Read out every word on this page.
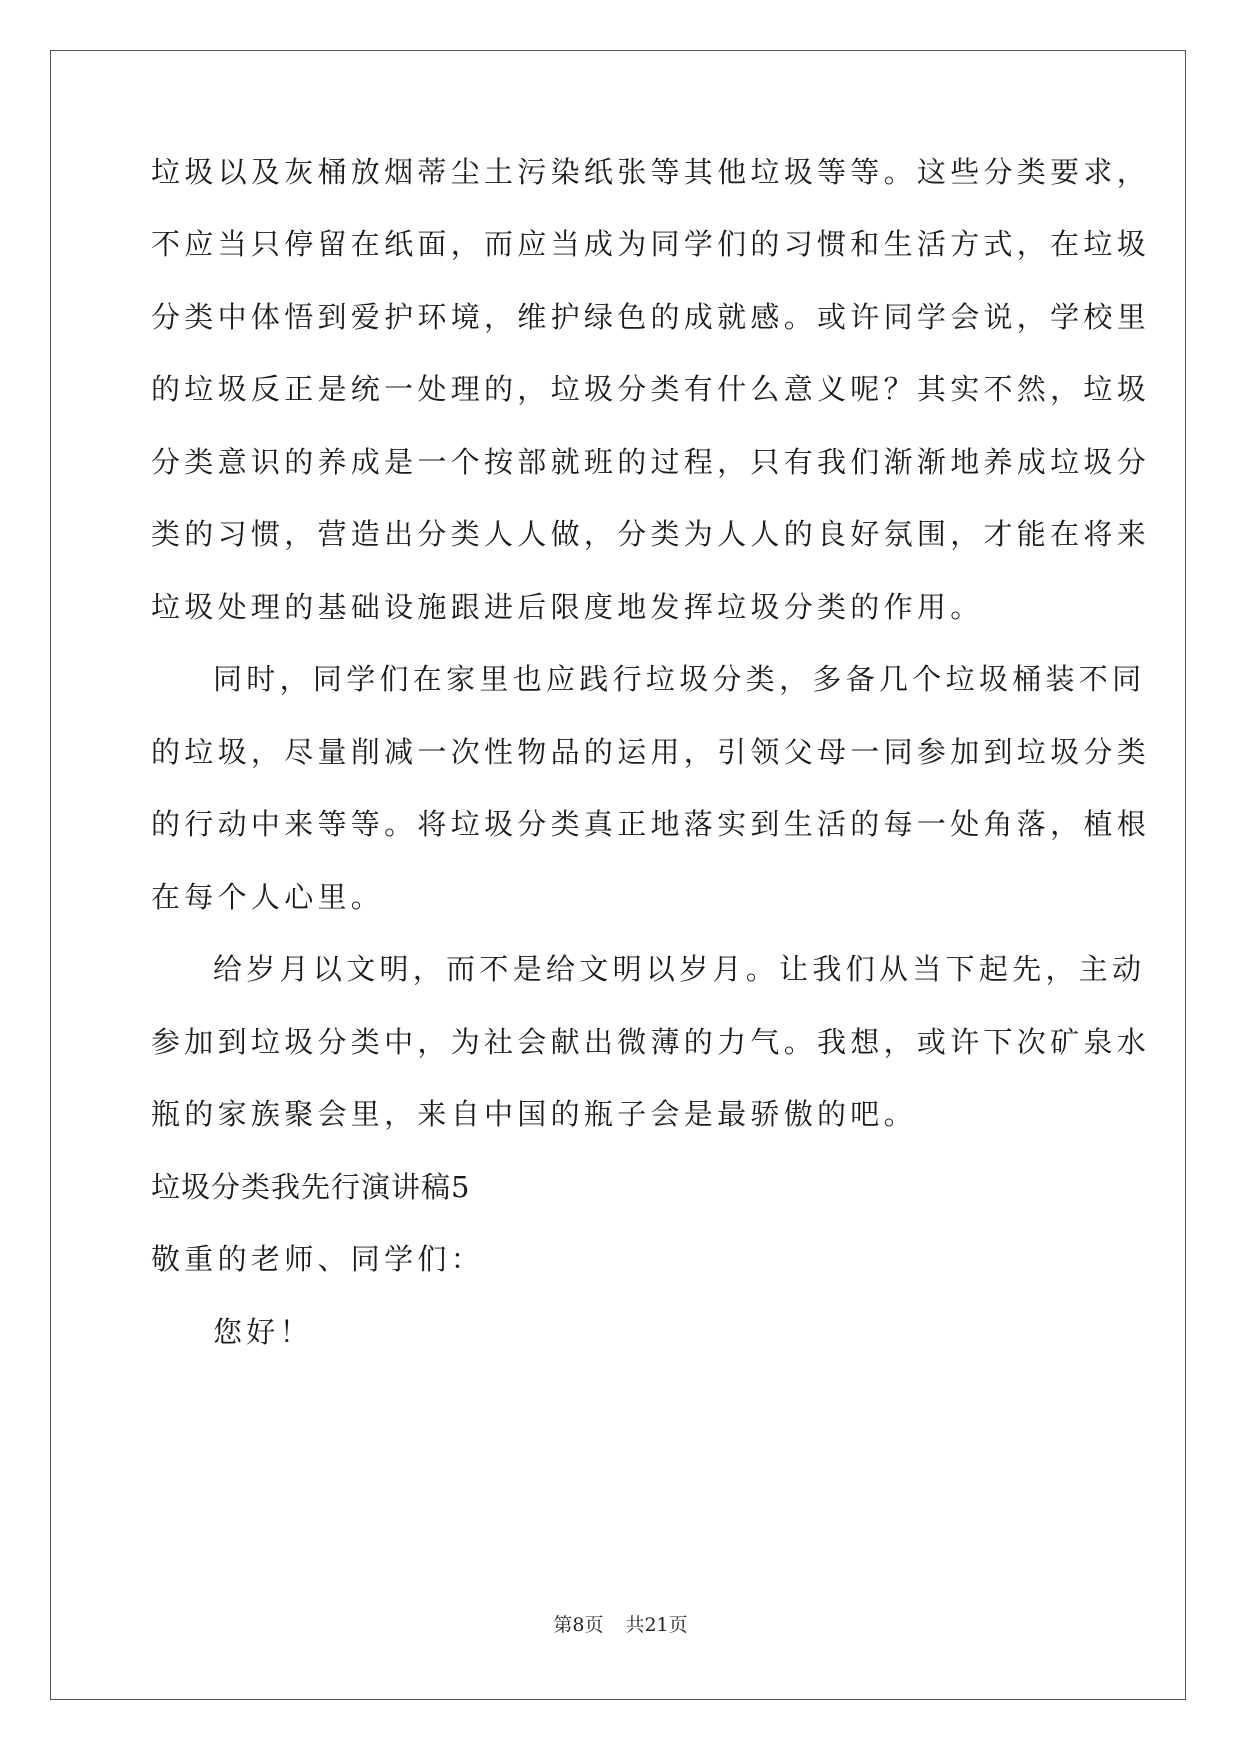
垃圾以及灰桶放烟蒂尘土污染纸张等其他垃圾等等。这些分类要求，
不应当只停留在纸面，而应当成为同学们的习惯和生活方式，在垃圾
分类中体悟到爱护环境，维护绿色的成就感。或许同学会说，学校里
的垃圾反正是统一处理的，垃圾分类有什么意义呢？其实不然，垃圾
分类意识的养成是一个按部就班的过程，只有我们渐渐地养成垃圾分
类的习惯，营造出分类人人做，分类为人人的良好氛围，才能在将来
垃圾处理的基础设施跟进后限度地发挥垃圾分类的作用。
同时，同学们在家里也应践行垃圾分类，多备几个垃圾桶装不同
的垃圾，尽量削减一次性物品的运用，引领父母一同参加到垃圾分类
的行动中来等等。将垃圾分类真正地落实到生活的每一处角落，植根
在每个人心里。
给岁月以文明，而不是给文明以岁月。让我们从当下起先，主动
参加到垃圾分类中，为社会献出微薄的力气。我想，或许下次矿泉水
瓶的家族聚会里，来自中国的瓶子会是最骄傲的吧。
垃圾分类我先行演讲稿5
敬重的老师、同学们：
您好！
第8页 共21页
